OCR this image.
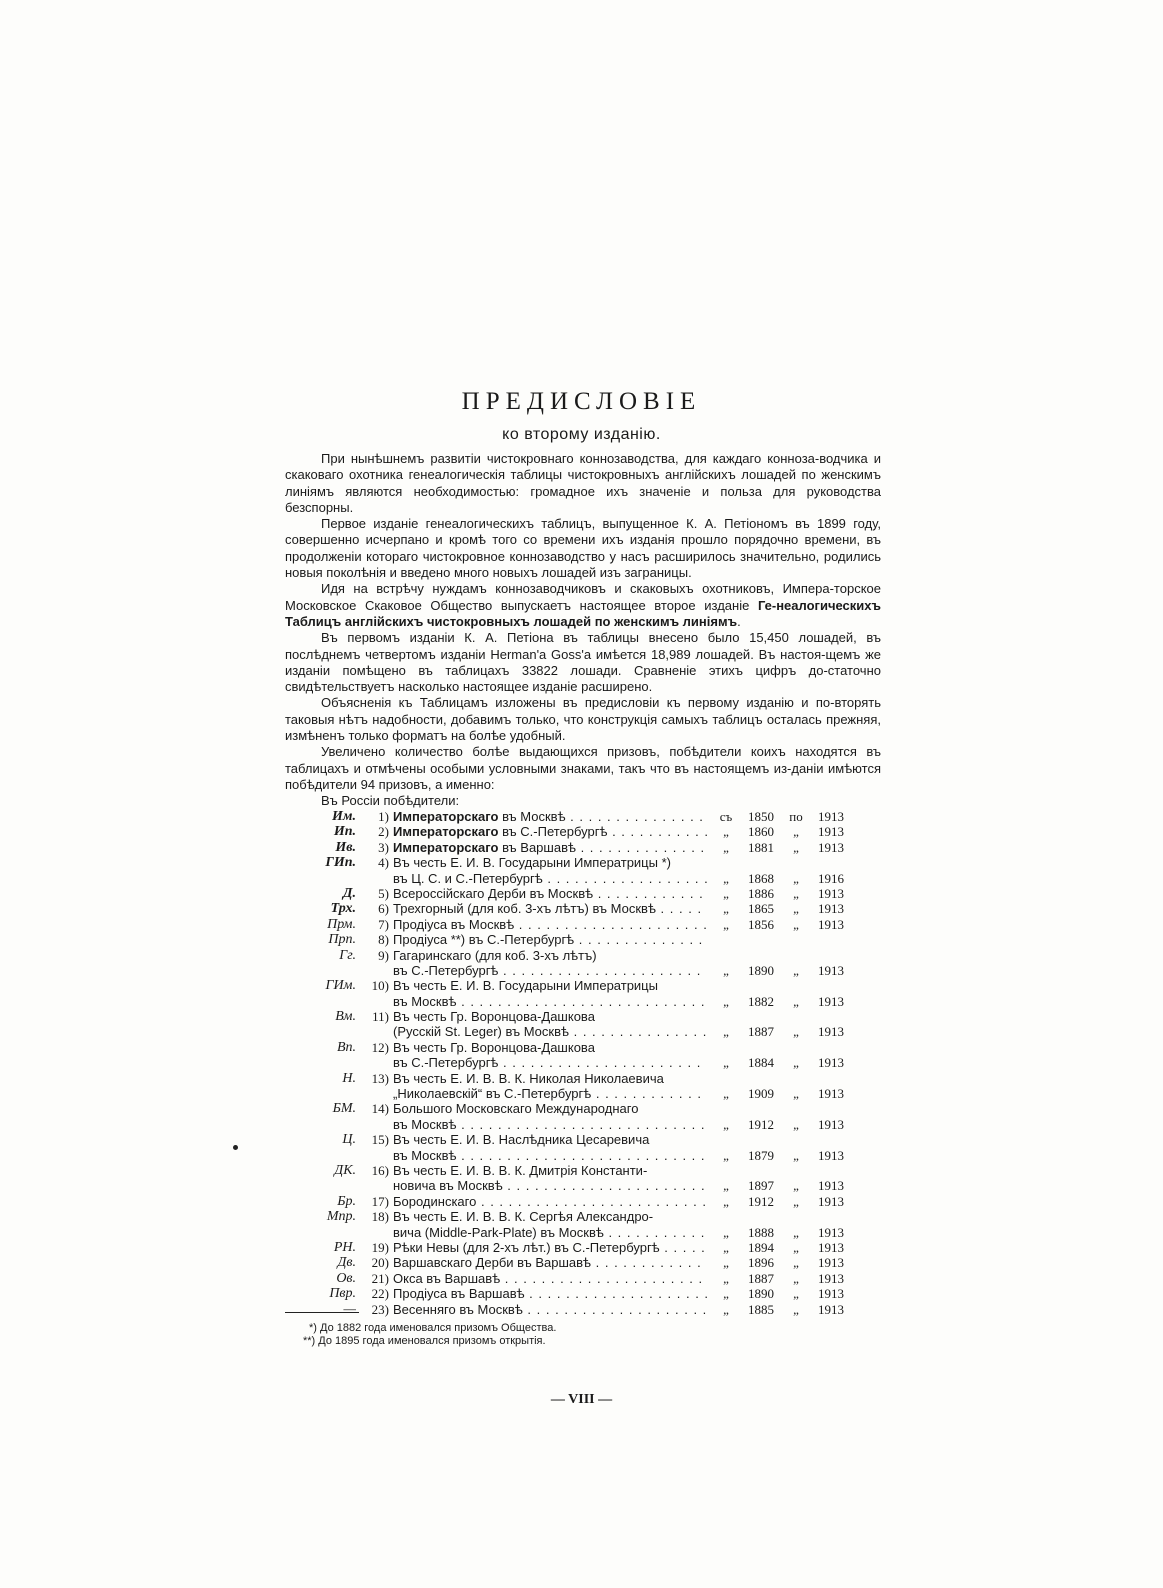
ПРЕДИСЛОВІЕ
ко второму изданію.

При нынѣшнемъ развитіи чистокровнаго коннозаводства, для каждаго конноза-водчика и скаковаго охотника генеалогическія таблицы чистокровныхъ англійскихъ лошадей по женскимъ линіямъ являются необходимостью: громадное ихъ значеніе и польза для руководства безспорны.

Первое изданіе генеалогическихъ таблицъ, выпущенное К. А. Петіономъ въ 1899 году, совершенно исчерпано и кромѣ того со времени ихъ изданія прошло порядочно времени, въ продолженіи котораго чистокровное коннозаводство у насъ расширилось значительно, родились новыя поколѣнія и введено много новыхъ лошадей изъ заграницы.

Идя на встрѣчу нуждамъ коннозаводчиковъ и скаковыхъ охотниковъ, Импера-торское Московское Скаковое Общество выпускаетъ настоящее второе изданіе Ге-неалогическихъ Таблицъ англійскихъ чистокровныхъ лошадей по женскимъ линіямъ.

Въ первомъ изданіи К. А. Петіона въ таблицы внесено было 15,450 лошадей, въ послѣднемъ четвертомъ изданіи Herman'a Goss'a имѣется 18,989 лошадей. Въ настоя-щемъ же изданіи помѣщено въ таблицахъ 33822 лошади. Сравненіе этихъ цифръ до-статочно свидѣтельствуетъ насколько настоящее изданіе расширено.

Объясненія къ Таблицамъ изложены въ предисловіи къ первому изданію и по-вторять таковыя нѣтъ надобности, добавимъ только, что конструкція самыхъ таблицъ осталась прежняя, измѣненъ только форматъ на болѣе удобный.

Увеличено количество болѣе выдающихся призовъ, побѣдители коихъ находятся въ таблицахъ и отмѣчены особыми условными знаками, такъ что въ настоящемъ из-даніи имѣются побѣдители 94 призовъ, а именно:

Въ Россіи побѣдители:

Им.	1) Императорскаго въ Москвѣ . . .	съ	1850	по	1913
Ип.	2) Императорскаго въ С.-Петербургѣ . . .	„	1860	„	1913
Ив.	3) Императорскаго въ Варшавѣ . . .	„	1881	„	1913
ГИп.	4) Въ честь Е. И. В. Государыни Императрицы *)
въ Ц. С. и С.-Петербургѣ . . .	„	1868	„	1916
Д.	5) Всероссійскаго Дерби въ Москвѣ . . .	„	1886	„	1913
Трх.	6) Трехгорный (для коб. 3-хъ лѣтъ) въ Москвѣ . . .	„	1865	„	1913
Прм.	7) Продіуса въ Москвѣ . . .	„	1856	„	1913
Прп.	8) Продіуса **) въ С.-Петербургѣ . . .
Гг.	9) Гагаринскаго (для коб. 3-хъ лѣтъ)
въ С.-Петербургѣ . . .	„	1890	„	1913
ГИм.	10) Въ честь Е. И. В. Государыни Императрицы
въ Москвѣ . . .	„	1882	„	1913
Вм.	11) Въ честь Гр. Воронцова-Дашкова
(Русскій St. Leger) въ Москвѣ . . .	„	1887	„	1913
Вп.	12) Въ честь Гр. Воронцова-Дашкова
въ С.-Петербургѣ . . .	„	1884	„	1913
Н.	13) Въ честь Е. И. В. В. К. Николая Николаевича
„Николаевскій“ въ С.-Петербургѣ . . .	„	1909	„	1913
БМ.	14) Большого Московскаго Международнаго
въ Москвѣ . . .	„	1912	„	1913
Ц.	15) Въ честь Е. И. В. Наслѣдника Цесаревича
въ Москвѣ . . .	„	1879	„	1913
ДК.	16) Въ честь Е. И. В. В. К. Дмитрія Константи-
новича въ Москвѣ . . .	„	1897	„	1913
Бр.	17) Бородинскаго . . .	„	1912	„	1913
Мпр.	18) Въ честь Е. И. В. В. К. Сергѣя Александро-
вича (Middle-Park-Plate) въ Москвѣ . . .	„	1888	„	1913
РН.	19) Рѣки Невы (для 2-хъ лѣт.) въ С.-Петербургѣ . . .	„	1894	„	1913
Дв.	20) Варшавскаго Дерби въ Варшавѣ . . .	„	1896	„	1913
Ов.	21) Окса въ Варшавѣ . . .	„	1887	„	1913
Пвр.	22) Продіуса въ Варшавѣ . . .	„	1890	„	1913
—	23) Весенняго въ Москвѣ . . .	„	1885	„	1913
*) До 1882 года именовался призомъ Общества.
**) До 1895 года именовался призомъ открытія.
— VIII —
